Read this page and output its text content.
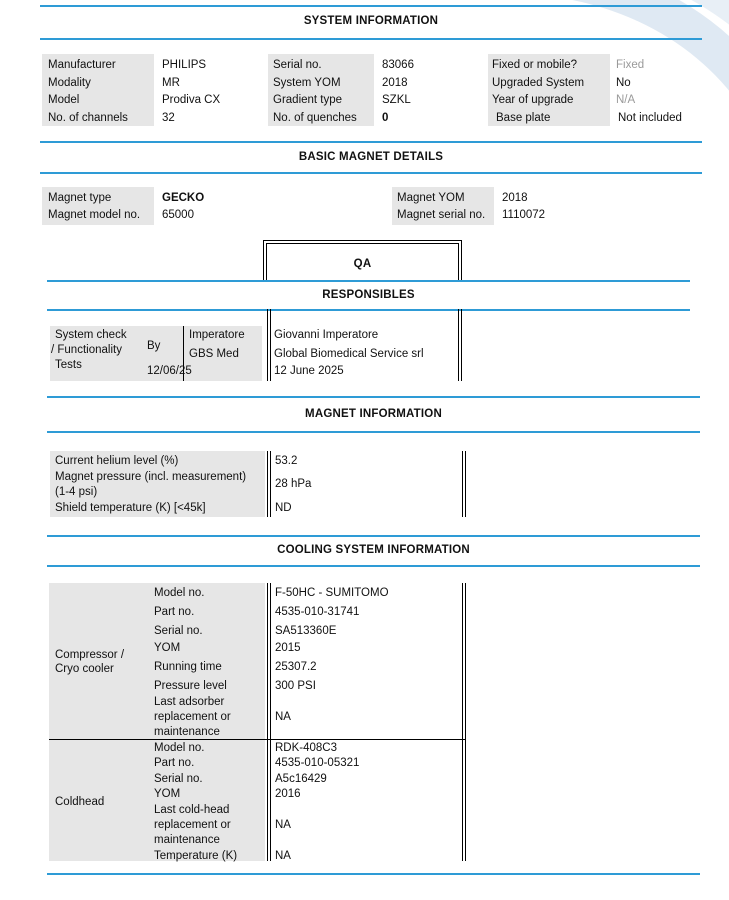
SYSTEM INFORMATION
Manufacturer
Modality
Model
No. of channels
PHILIPS
MR
Prodiva CX
32
Serial no.
System YOM
Gradient type
No. of quenches
83066
2018
SZKL
0
Fixed or mobile?
Upgraded System
Year of upgrade
Base plate
Fixed
No
N/A
Not included
BASIC MAGNET DETAILS
Magnet type
Magnet model no.
GECKO
65000
Magnet YOM
Magnet serial no.
2018
1110072
QA
RESPONSIBLES
System check
/ Functionality
Tests
By
12/06/25
Imperatore
GBS Med
Giovanni Imperatore
Global Biomedical Service srl
12 June 2025
MAGNET INFORMATION
Current helium level (%)
Magnet pressure (incl. measurement)
(1-4 psi)
Shield temperature (K) [<45k]
53.2
28 hPa
ND
COOLING SYSTEM INFORMATION
Compressor /
Cryo cooler
Model no.
Part no.
Serial no.
YOM
Running time
Pressure level
Last adsorber
replacement or
maintenance
F-50HC - SUMITOMO
4535-010-31741
SA513360E
2015
25307.2
300 PSI
NA
Coldhead
Model no.
Part no.
Serial no.
YOM
Last cold-head
replacement or
maintenance
Temperature (K)
RDK-408C3
4535-010-05321
A5c16429
2016
NA
NA
